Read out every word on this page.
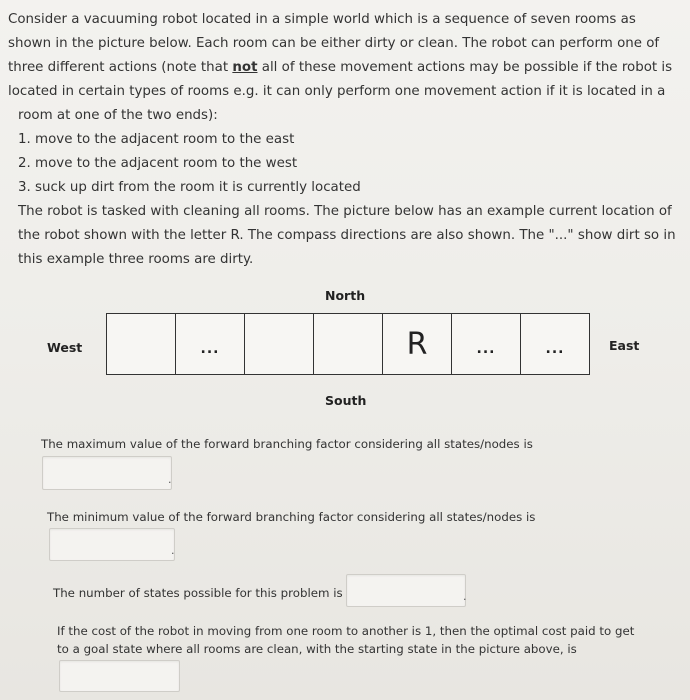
Consider a vacuuming robot located in a simple world which is a sequence of seven rooms as

shown in the picture below. Each room can be either dirty or clean. The robot can perform one of

three different actions (note that not all of these movement actions may be possible if the robot is

located in certain types of rooms e.g. it can only perform one movement action if it is located in a

room at one of the two ends):

1. move to the adjacent room to the east

2. move to the adjacent room to the west

3. suck up dirt from the room it is currently located

The robot is tasked with cleaning all rooms. The picture below has an example current location of

the robot shown with the letter R. The compass directions are also shown. The "..." show dirt so in

this example three rooms are dirty.

North
South
West	East
...	R	...	...
The maximum value of the forward branching factor considering all states/nodes is
.
The minimum value of the forward branching factor considering all states/nodes is
.
The number of states possible for this problem is	.
If the cost of the robot in moving from one room to another is 1, then the optimal cost paid to get
to a goal state where all rooms are clean, with the starting state in the picture above, is
